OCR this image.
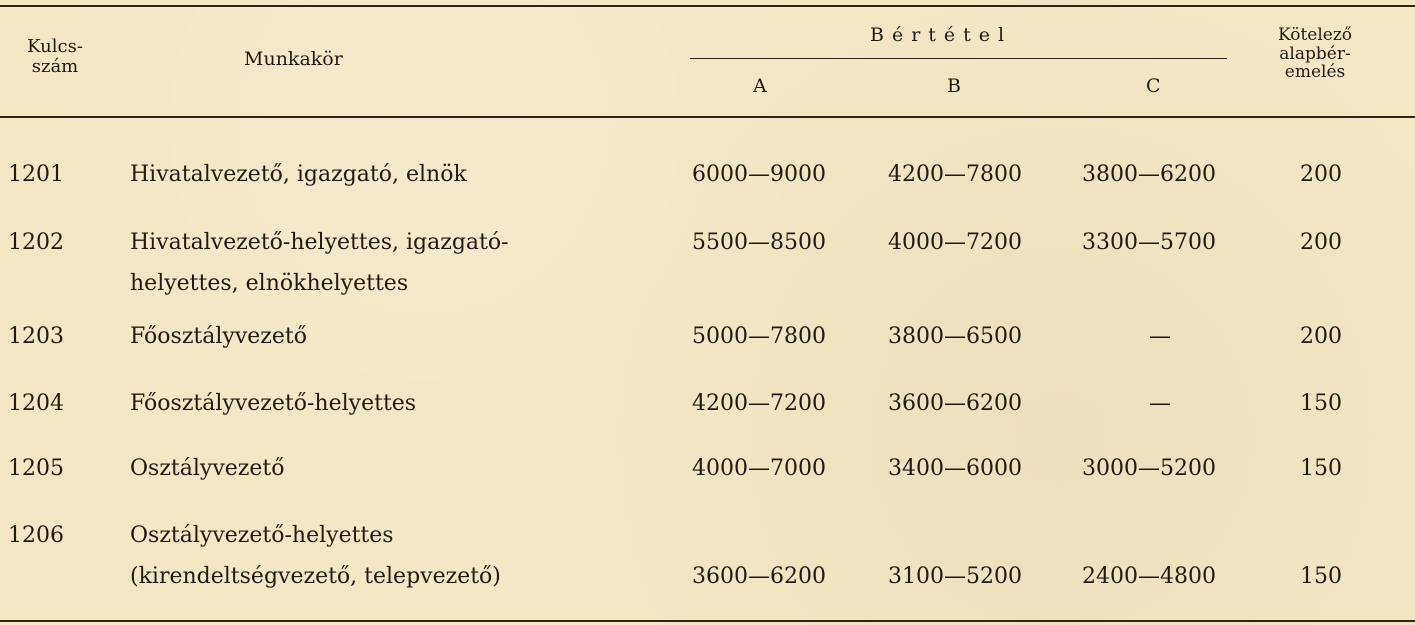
Kulcs-
szám	Munkakör
Bértétel
A	B	C
Kötelező
alapbér-
emelés
1201	Hivatalvezető, igazgató, elnök	6000—9000	4200—7800	3800—6200	200
1202	Hivatalvezető-helyettes, igazgató-
helyettes, elnökhelyettes
5500—8500	4000—7200	3300—5700	200
1203	Főosztályvezető	5000—7800	3800—6500	—	200
1204	Főosztályvezető-helyettes	4200—7200	3600—6200	—	150
1205	Osztályvezető	4000—7000	3400—6000	3000—5200	150
1206	Osztályvezető-helyettes
(kirendeltségvezető, telepvezető)	3600—6200	3100—5200	2400—4800	150
